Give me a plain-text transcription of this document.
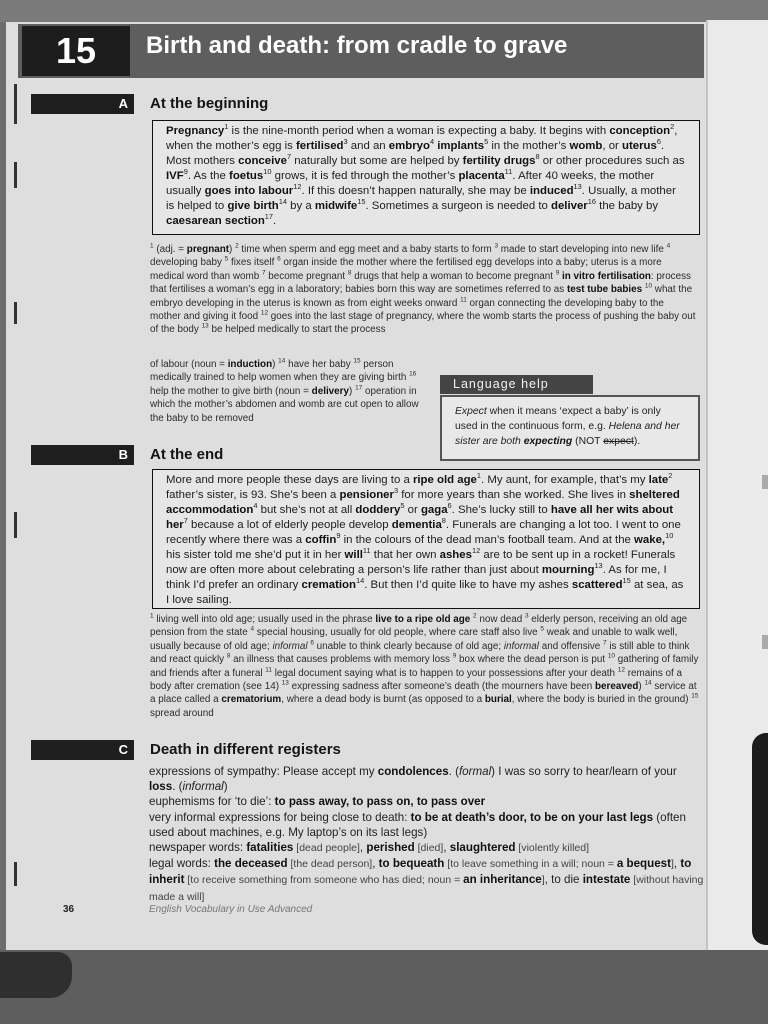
15	Birth and death: from cradle to grave
A	At the beginning
Pregnancy$^1$ is the nine-month period when a woman is expecting a baby. It begins with conception$^2$, when the mother’s egg is fertilised$^3$ and an embryo$^4$ implants$^5$ in the mother’s womb, or uterus$^6$. Most mothers conceive$^7$ naturally but some are helped by fertility drugs$^8$ or other procedures such as IVF$^9$. As the foetus$^{10}$ grows, it is fed through the mother’s placenta$^{11}$. After 40 weeks, the mother usually goes into labour$^{12}$. If this doesn’t happen naturally, she may be induced$^{13}$. Usually, a mother is helped to give birth$^{14}$ by a midwife$^{15}$. Sometimes a surgeon is needed to deliver$^{16}$ the baby by caesarean section$^{17}$.
$^1$ (adj. = pregnant) $^2$ time when sperm and egg meet and a baby starts to form $^3$ made to start developing into new life $^4$ developing baby $^5$ fixes itself $^6$ organ inside the mother where the fertilised egg develops into a baby; uterus is a more medical word than womb $^7$ become pregnant $^8$ drugs that help a woman to become pregnant $^9$ in vitro fertilisation: process that fertilises a woman’s egg in a laboratory; babies born this way are sometimes referred to as test tube babies $^{10}$ what the embryo developing in the uterus is known as from eight weeks onward $^{11}$ organ connecting the developing baby to the mother and giving it food $^{12}$ goes into the last stage of pregnancy, where the womb starts the process of pushing the baby out of the body $^{13}$ be helped medically to start the process
of labour (noun = induction) $^{14}$ have her baby $^{15}$ person medically trained to help women when they are giving birth $^{16}$ help the mother to give birth (noun = delivery) $^{17}$ operation in which the mother’s abdomen and womb are cut open to allow the baby to be removed
Language help
Expect when it means ‘expect a baby’ is only used in the continuous form, e.g. Helena and her sister are both expecting (NOT expect).
B	At the end
More and more people these days are living to a ripe old age$^1$. My aunt, for example, that’s my late$^2$ father’s sister, is 93. She’s been a pensioner$^3$ for more years than she worked. She lives in sheltered accommodation$^4$ but she’s not at all doddery$^5$ or gaga$^6$. She’s lucky still to have all her wits about her$^7$ because a lot of elderly people develop dementia$^8$. Funerals are changing a lot too. I went to one recently where there was a coffin$^9$ in the colours of the dead man’s football team. And at the wake,$^{10}$ his sister told me she’d put it in her will$^{11}$ that her own ashes$^{12}$ are to be sent up in a rocket! Funerals now are often more about celebrating a person’s life rather than just about mourning$^{13}$. As for me, I think I’d prefer an ordinary cremation$^{14}$. But then I’d quite like to have my ashes scattered$^{15}$ at sea, as I love sailing.
$^1$ living well into old age; usually used in the phrase live to a ripe old age $^2$ now dead $^3$ elderly person, receiving an old age pension from the state $^4$ special housing, usually for old people, where care staff also live $^5$ weak and unable to walk well, usually because of old age; informal $^6$ unable to think clearly because of old age; informal and offensive $^7$ is still able to think and react quickly $^8$ an illness that causes problems with memory loss $^9$ box where the dead person is put $^{10}$ gathering of family and friends after a funeral $^{11}$ legal document saying what is to happen to your possessions after your death $^{12}$ remains of a body after cremation (see 14) $^{13}$ expressing sadness after someone’s death (the mourners have been bereaved) $^{14}$ service at a place called a crematorium, where a dead body is burnt (as opposed to a burial, where the body is buried in the ground) $^{15}$ spread around
C	Death in different registers
expressions of sympathy: Please accept my condolences. (formal) I was so sorry to hear/learn of your loss. (informal)
euphemisms for ‘to die’: to pass away, to pass on, to pass over
very informal expressions for being close to death: to be at death’s door, to be on your last legs (often used about machines, e.g. My laptop’s on its last legs)
newspaper words: fatalities [dead people], perished [died], slaughtered [violently killed]
legal words: the deceased [the dead person], to bequeath [to leave something in a will; noun = a bequest], to inherit [to receive something from someone who has died; noun = an inheritance], to die intestate [without having made a will]
36	English Vocabulary in Use Advanced
